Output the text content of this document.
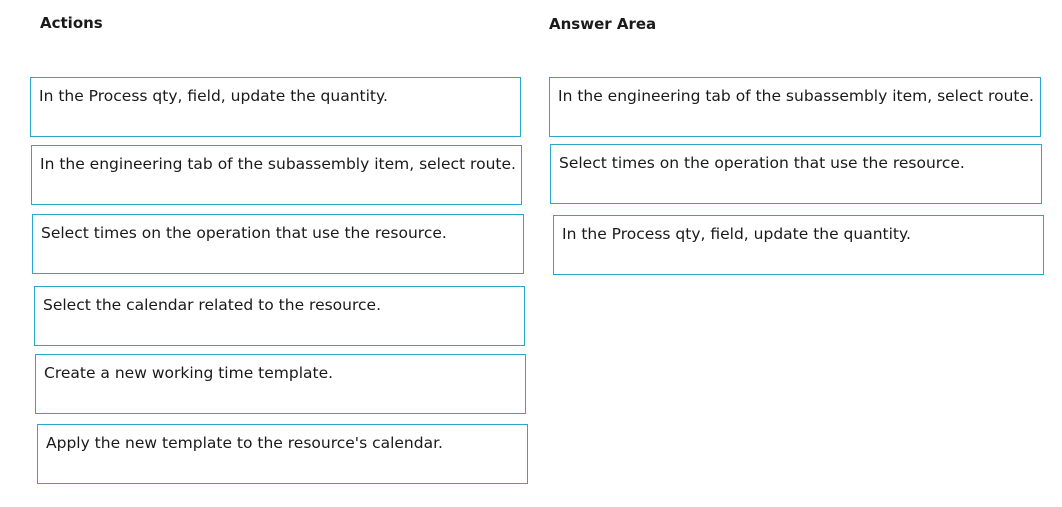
Actions	Answer Area
In the Process qty, field, update the quantity.
In the engineering tab of the subassembly item, select route.
Select times on the operation that use the resource.
Select the calendar related to the resource.
Create a new working time template.
Apply the new template to the resource's calendar.
In the engineering tab of the subassembly item, select route.
Select times on the operation that use the resource.
In the Process qty, field, update the quantity.
